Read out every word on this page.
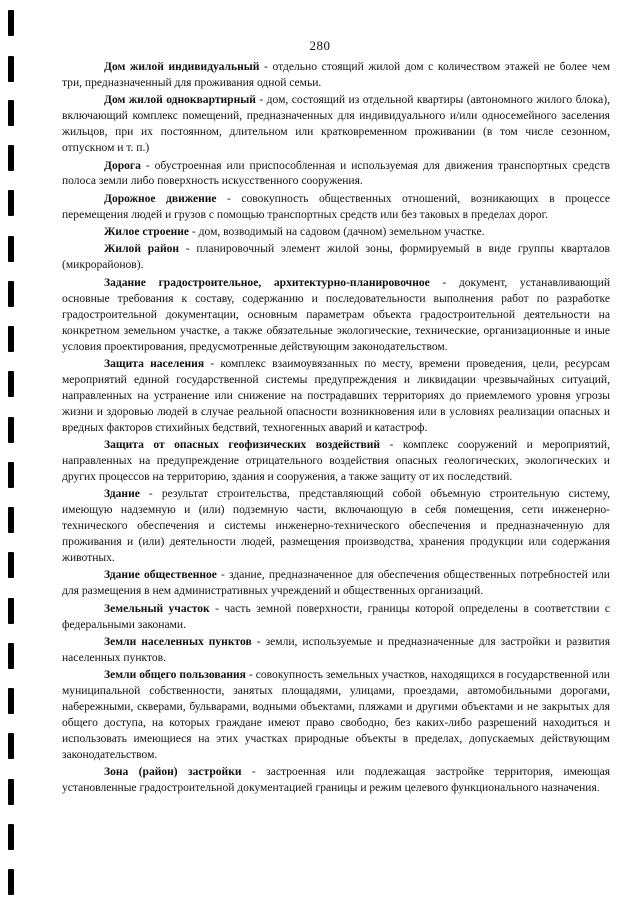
280

Дом жилой индивидуальный - отдельно стоящий жилой дом с количеством этажей не более чем три, предназначенный для проживания одной семьи.

Дом жилой одноквартирный - дом, состоящий из отдельной квартиры (автономного жилого блока), включающий комплекс помещений, предназначенных для индивидуального и/или односемейного заселения жильцов, при их постоянном, длительном или кратковременном проживании (в том числе сезонном, отпускном и т. п.)

Дорога - обустроенная или приспособленная и используемая для движения транспортных средств полоса земли либо поверхность искусственного сооружения.

Дорожное движение - совокупность общественных отношений, возникающих в процессе перемещения людей и грузов с помощью транспортных средств или без таковых в пределах дорог.

Жилое строение - дом, возводимый на садовом (дачном) земельном участке.

Жилой район - планировочный элемент жилой зоны, формируемый в виде группы кварталов (микрорайонов).

Задание градостроительное, архитектурно-планировочное - документ, устанавливающий основные требования к составу, содержанию и последовательности выполнения работ по разработке градостроительной документации, основным параметрам объекта градостроительной деятельности на конкретном земельном участке, а также обязательные экологические, технические, организационные и иные условия проектирования, предусмотренные действующим законодательством.

Защита населения - комплекс взаимоувязанных по месту, времени проведения, цели, ресурсам мероприятий единой государственной системы предупреждения и ликвидации чрезвычайных ситуаций, направленных на устранение или снижение на пострадавших территориях до приемлемого уровня угрозы жизни и здоровью людей в случае реальной опасности возникновения или в условиях реализации опасных и вредных факторов стихийных бедствий, техногенных аварий и катастроф.

Защита от опасных геофизических воздействий - комплекс сооружений и мероприятий, направленных на предупреждение отрицательного воздействия опасных геологических, экологических и других процессов на территорию, здания и сооружения, а также защиту от их последствий.

Здание - результат строительства, представляющий собой объемную строительную систему, имеющую надземную и (или) подземную части, включающую в себя помещения, сети инженерно-технического обеспечения и системы инженерно-технического обеспечения и предназначенную для проживания и (или) деятельности людей, размещения производства, хранения продукции или содержания животных.

Здание общественное - здание, предназначенное для обеспечения общественных потребностей или для размещения в нем административных учреждений и общественных организаций.

Земельный участок - часть земной поверхности, границы которой определены в соответствии с федеральными законами.

Земли населенных пунктов - земли, используемые и предназначенные для застройки и развития населенных пунктов.

Земли общего пользования - совокупность земельных участков, находящихся в государственной или муниципальной собственности, занятых площадями, улицами, проездами, автомобильными дорогами, набережными, скверами, бульварами, водными объектами, пляжами и другими объектами и не закрытых для общего доступа, на которых граждане имеют право свободно, без каких-либо разрешений находиться и использовать имеющиеся на этих участках природные объекты в пределах, допускаемых действующим законодательством.

Зона (район) застройки - застроенная или подлежащая застройке территория, имеющая установленные градостроительной документацией границы и режим целевого функционального назначения.
